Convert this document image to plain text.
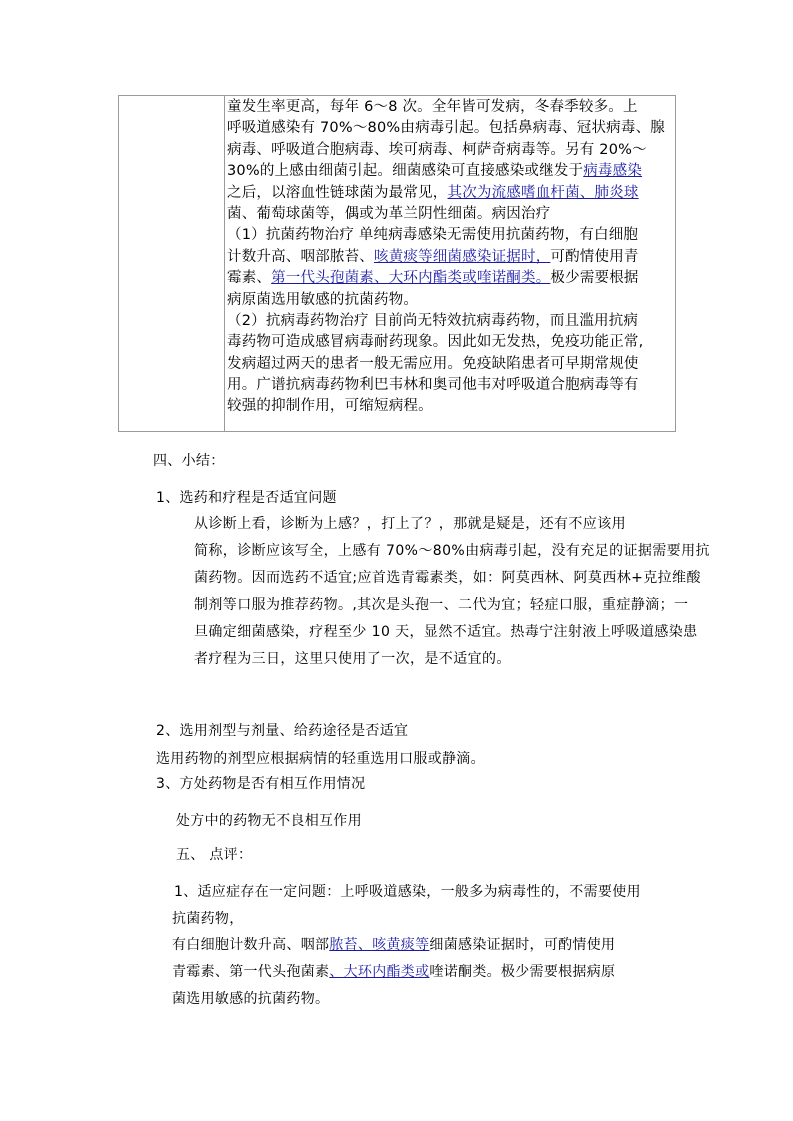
童发生率更高，每年 6～8 次。全年皆可发病，冬春季较多。上
呼吸道感染有 70%～80%由病毒引起。包括鼻病毒、冠状病毒、腺
病毒、呼吸道合胞病毒、埃可病毒、柯萨奇病毒等。另有 20%～
30%的上感由细菌引起。细菌感染可直接感染或继发于病毒感染
之后，以溶血性链球菌为最常见，其次为流感嗜血杆菌、肺炎球
菌、葡萄球菌等，偶或为革兰阴性细菌。病因治疗
（1）抗菌药物治疗 单纯病毒感染无需使用抗菌药物，有白细胞
计数升高、咽部脓苔、咳黄痰等细菌感染证据时，可酌情使用青
霉素、第一代头孢菌素、大环内酯类或喹诺酮类。极少需要根据
病原菌选用敏感的抗菌药物。
（2）抗病毒药物治疗 目前尚无特效抗病毒药物，而且滥用抗病
毒药物可造成感冒病毒耐药现象。因此如无发热，免疫功能正常,
发病超过两天的患者一般无需应用。免疫缺陷患者可早期常规使
用。广谱抗病毒药物利巴韦林和奥司他韦对呼吸道合胞病毒等有
较强的抑制作用，可缩短病程。
四、小结：
1、选药和疗程是否适宜问题
从诊断上看，诊断为上感？，打上了？，那就是疑是，还有不应该用
简称，诊断应该写全，上感有 70%～80%由病毒引起，没有充足的证据需要用抗
菌药物。因而选药不适宜;应首选青霉素类，如：阿莫西林、阿莫西林+克拉维酸
制剂等口服为推荐药物。,其次是头孢一、二代为宜；轻症口服，重症静滴；一
旦确定细菌感染，疗程至少 10 天，显然不适宜。热毒宁注射液上呼吸道感染患
者疗程为三日，这里只使用了一次，是不适宜的。
2、选用剂型与剂量、给药途径是否适宜
选用药物的剂型应根据病情的轻重选用口服或静滴。
3、方处药物是否有相互作用情况
处方中的药物无不良相互作用
五、 点评：
1、适应症存在一定问题：上呼吸道感染，一般多为病毒性的，不需要使用
抗菌药物，
有白细胞计数升高、咽部脓苔、咳黄痰等细菌感染证据时，可酌情使用
青霉素、第一代头孢菌素、大环内酯类或喹诺酮类。极少需要根据病原
菌选用敏感的抗菌药物。
